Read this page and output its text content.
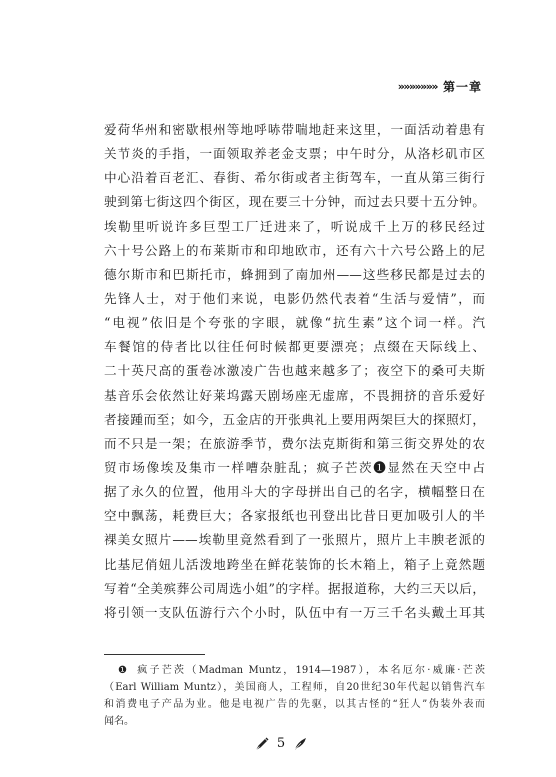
»»»»»»» 第一章
爱荷华州和密歇根州等地呼哧带喘地赶来这里，一面活动着患有
关节炎的手指，一面领取养老金支票；中午时分，从洛杉矶市区
中心沿着百老汇、春街、希尔街或者主街驾车，一直从第三街行
驶到第七街这四个街区，现在要三十分钟，而过去只要十五分钟。
埃勒里听说许多巨型工厂迁进来了，听说成千上万的移民经过
六十号公路上的布莱斯市和印地欧市，还有六十六号公路上的尼
德尔斯市和巴斯托市，蜂拥到了南加州——这些移民都是过去的
先锋人士，对于他们来说，电影仍然代表着“生活与爱情”，而
“电视”依旧是个夸张的字眼，就像“抗生素”这个词一样。汽
车餐馆的侍者比以往任何时候都更要漂亮；点缀在天际线上、
二十英尺高的蛋卷冰激凌广告也越来越多了；夜空下的桑可夫斯
基音乐会依然让好莱坞露天剧场座无虚席，不畏拥挤的音乐爱好
者接踵而至；如今，五金店的开张典礼上要用两架巨大的探照灯，
而不只是一架；在旅游季节，费尔法克斯街和第三街交界处的农
贸市场像埃及集市一样嘈杂脏乱；疯子芒茨❶显然在天空中占
据了永久的位置，他用斗大的字母拼出自己的名字，横幅整日在
空中飘荡，耗费巨大；各家报纸也刊登出比昔日更加吸引人的半
裸美女照片——埃勒里竟然看到了一张照片，照片上丰腴老派的
比基尼俏妞儿活泼地跨坐在鲜花装饰的长木箱上，箱子上竟然题
写着“全美殡葬公司周选小姐”的字样。据报道称，大约三天以后，
将引领一支队伍游行六个小时，队伍中有一万三千名头戴土耳其
❶ 疯子芒茨（Madman Muntz，1914—1987），本名厄尔·威廉·芒茨
（Earl William Muntz），美国商人，工程师，自20世纪30年代起以销售汽车
和消费电子产品为业。他是电视广告的先驱，以其古怪的“狂人”伪装外表而
闻名。
5
